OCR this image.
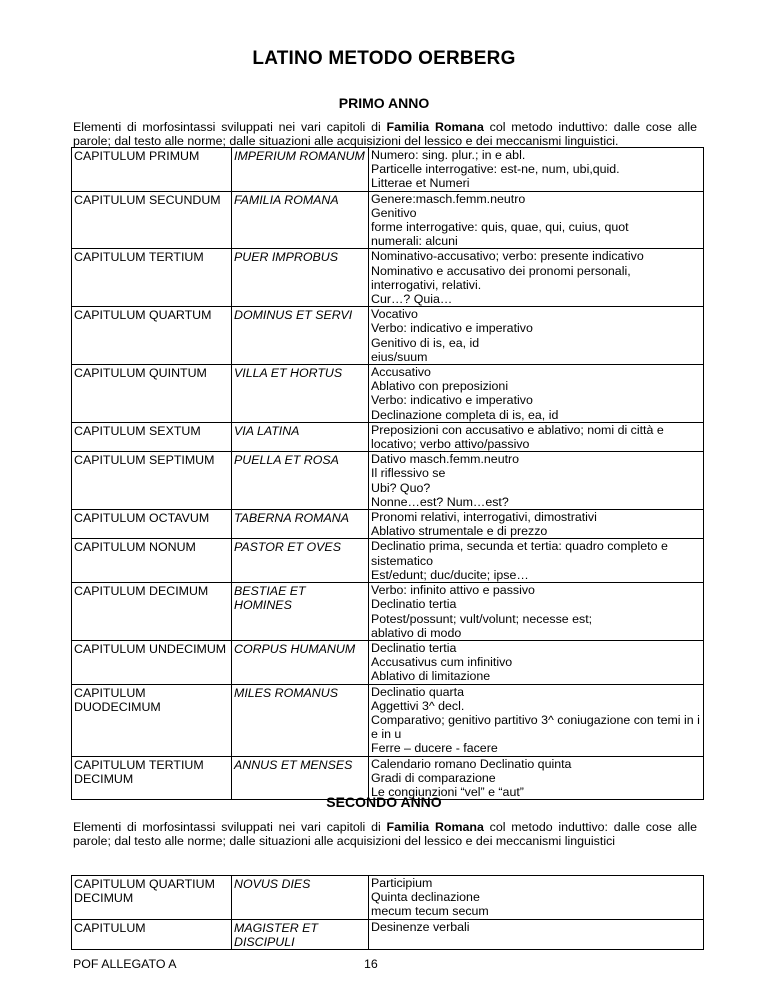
LATINO METODO OERBERG
PRIMO ANNO
Elementi di morfosintassi sviluppati nei vari capitoli di Familia Romana col metodo induttivo: dalle cose alle parole; dal testo alle norme; dalle situazioni alle acquisizioni del lessico e dei meccanismi linguistici.
CAPITULUM PRIMUM	IMPERIUM ROMANUM	Numero: sing. plur.; in e abl.
Particelle interrogative: est-ne, num, ubi,quid.
Litterae et Numeri

CAPITULUM SECUNDUM	FAMILIA ROMANA	Genere:masch.femm.neutro
Genitivo
forme interrogative: quis, quae, qui, cuius, quot
numerali: alcuni

CAPITULUM TERTIUM	PUER IMPROBUS	Nominativo-accusativo; verbo: presente indicativo
Nominativo e accusativo dei pronomi personali, interrogativi, relativi.
Cur…? Quia…

CAPITULUM QUARTUM	DOMINUS ET SERVI	Vocativo
Verbo: indicativo e imperativo
Genitivo di is, ea, id
eius/suum

CAPITULUM QUINTUM	VILLA ET HORTUS	Accusativo
Ablativo con preposizioni
Verbo: indicativo e imperativo
Declinazione completa di is, ea, id

CAPITULUM SEXTUM	VIA LATINA	Preposizioni con accusativo e ablativo; nomi di città e locativo; verbo attivo/passivo

CAPITULUM SEPTIMUM	PUELLA ET ROSA	Dativo masch.femm.neutro
Il riflessivo se
Ubi? Quo?
Nonne…est? Num…est?

CAPITULUM OCTAVUM	TABERNA ROMANA	Pronomi relativi, interrogativi, dimostrativi
Ablativo strumentale e di prezzo

CAPITULUM NONUM	PASTOR ET OVES	Declinatio prima, secunda et tertia: quadro completo e sistematico
Est/edunt; duc/ducite; ipse…

CAPITULUM DECIMUM	BESTIAE ET HOMINES	Verbo: infinito attivo e passivo
Declinatio tertia
Potest/possunt; vult/volunt; necesse est;
ablativo di modo

CAPITULUM UNDECIMUM	CORPUS HUMANUM	Declinatio tertia
Accusativus cum infinitivo
Ablativo di limitazione

CAPITULUM DUODECIMUM	MILES ROMANUS	Declinatio quarta
Aggettivi 3^ decl.
Comparativo; genitivo partitivo 3^ coniugazione con temi in i e in u
Ferre – ducere - facere

CAPITULUM TERTIUM DECIMUM	ANNUS ET MENSES	Calendario romano Declinatio quinta
Gradi di comparazione
Le congiunzioni “vel” e “aut”
SECONDO ANNO
Elementi di morfosintassi sviluppati nei vari capitoli di Familia Romana col metodo induttivo: dalle cose alle parole; dal testo alle norme; dalle situazioni alle acquisizioni del lessico e dei meccanismi linguistici
CAPITULUM QUARTIUM DECIMUM	NOVUS DIES	Participium
Quinta declinazione
mecum tecum secum

CAPITULUM	MAGISTER ET DISCIPULI	Desinenze verbali
POF ALLEGATO A	16
